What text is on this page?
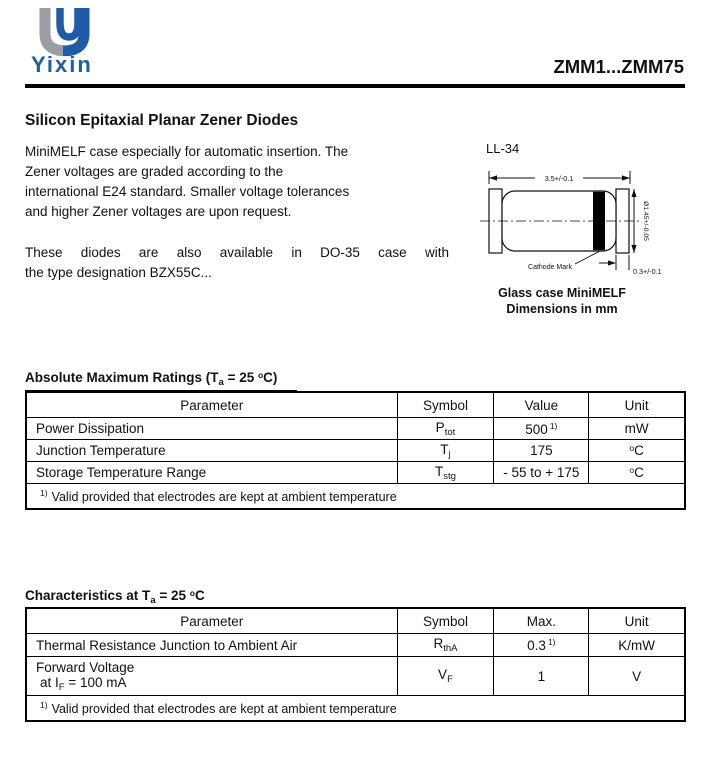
Yixin	ZMM1...ZMM75
Silicon Epitaxial Planar Zener Diodes
MiniMELF case especially for automatic insertion. The
Zener voltages are graded according to the
international E24 standard. Smaller voltage tolerances
and higher Zener voltages are upon request.
These diodes are also available in DO-35 case with
the type designation BZX55C...
LL-34
3.5+/-0.1
Ø1.45+/-0.05
0.3+/-0.1
Cathode Mark
Glass case MiniMELF
Dimensions in mm
Absolute Maximum Ratings ($T_a = 25$ $^o$C)
Parameter	Symbol	Value	Unit
Power Dissipation	$P_{tot}$	500 $^{1)}$	mW
Junction Temperature	$T_j$	175	$^o$C
Storage Temperature Range	$T_{stg}$	- 55 to + 175	$^o$C
$^{1)}$ Valid provided that electrodes are kept at ambient temperature			
Characteristics at $T_a = 25$ $^o$C
Parameter	Symbol	Max.	Unit
Thermal Resistance Junction to Ambient Air	$R_{thA}$	0.3 $^{1)}$	K/mW

Forward Voltage
at $I_F = 100$ mA	$V_F$	1	V
$^{1)}$ Valid provided that electrodes are kept at ambient temperature			
